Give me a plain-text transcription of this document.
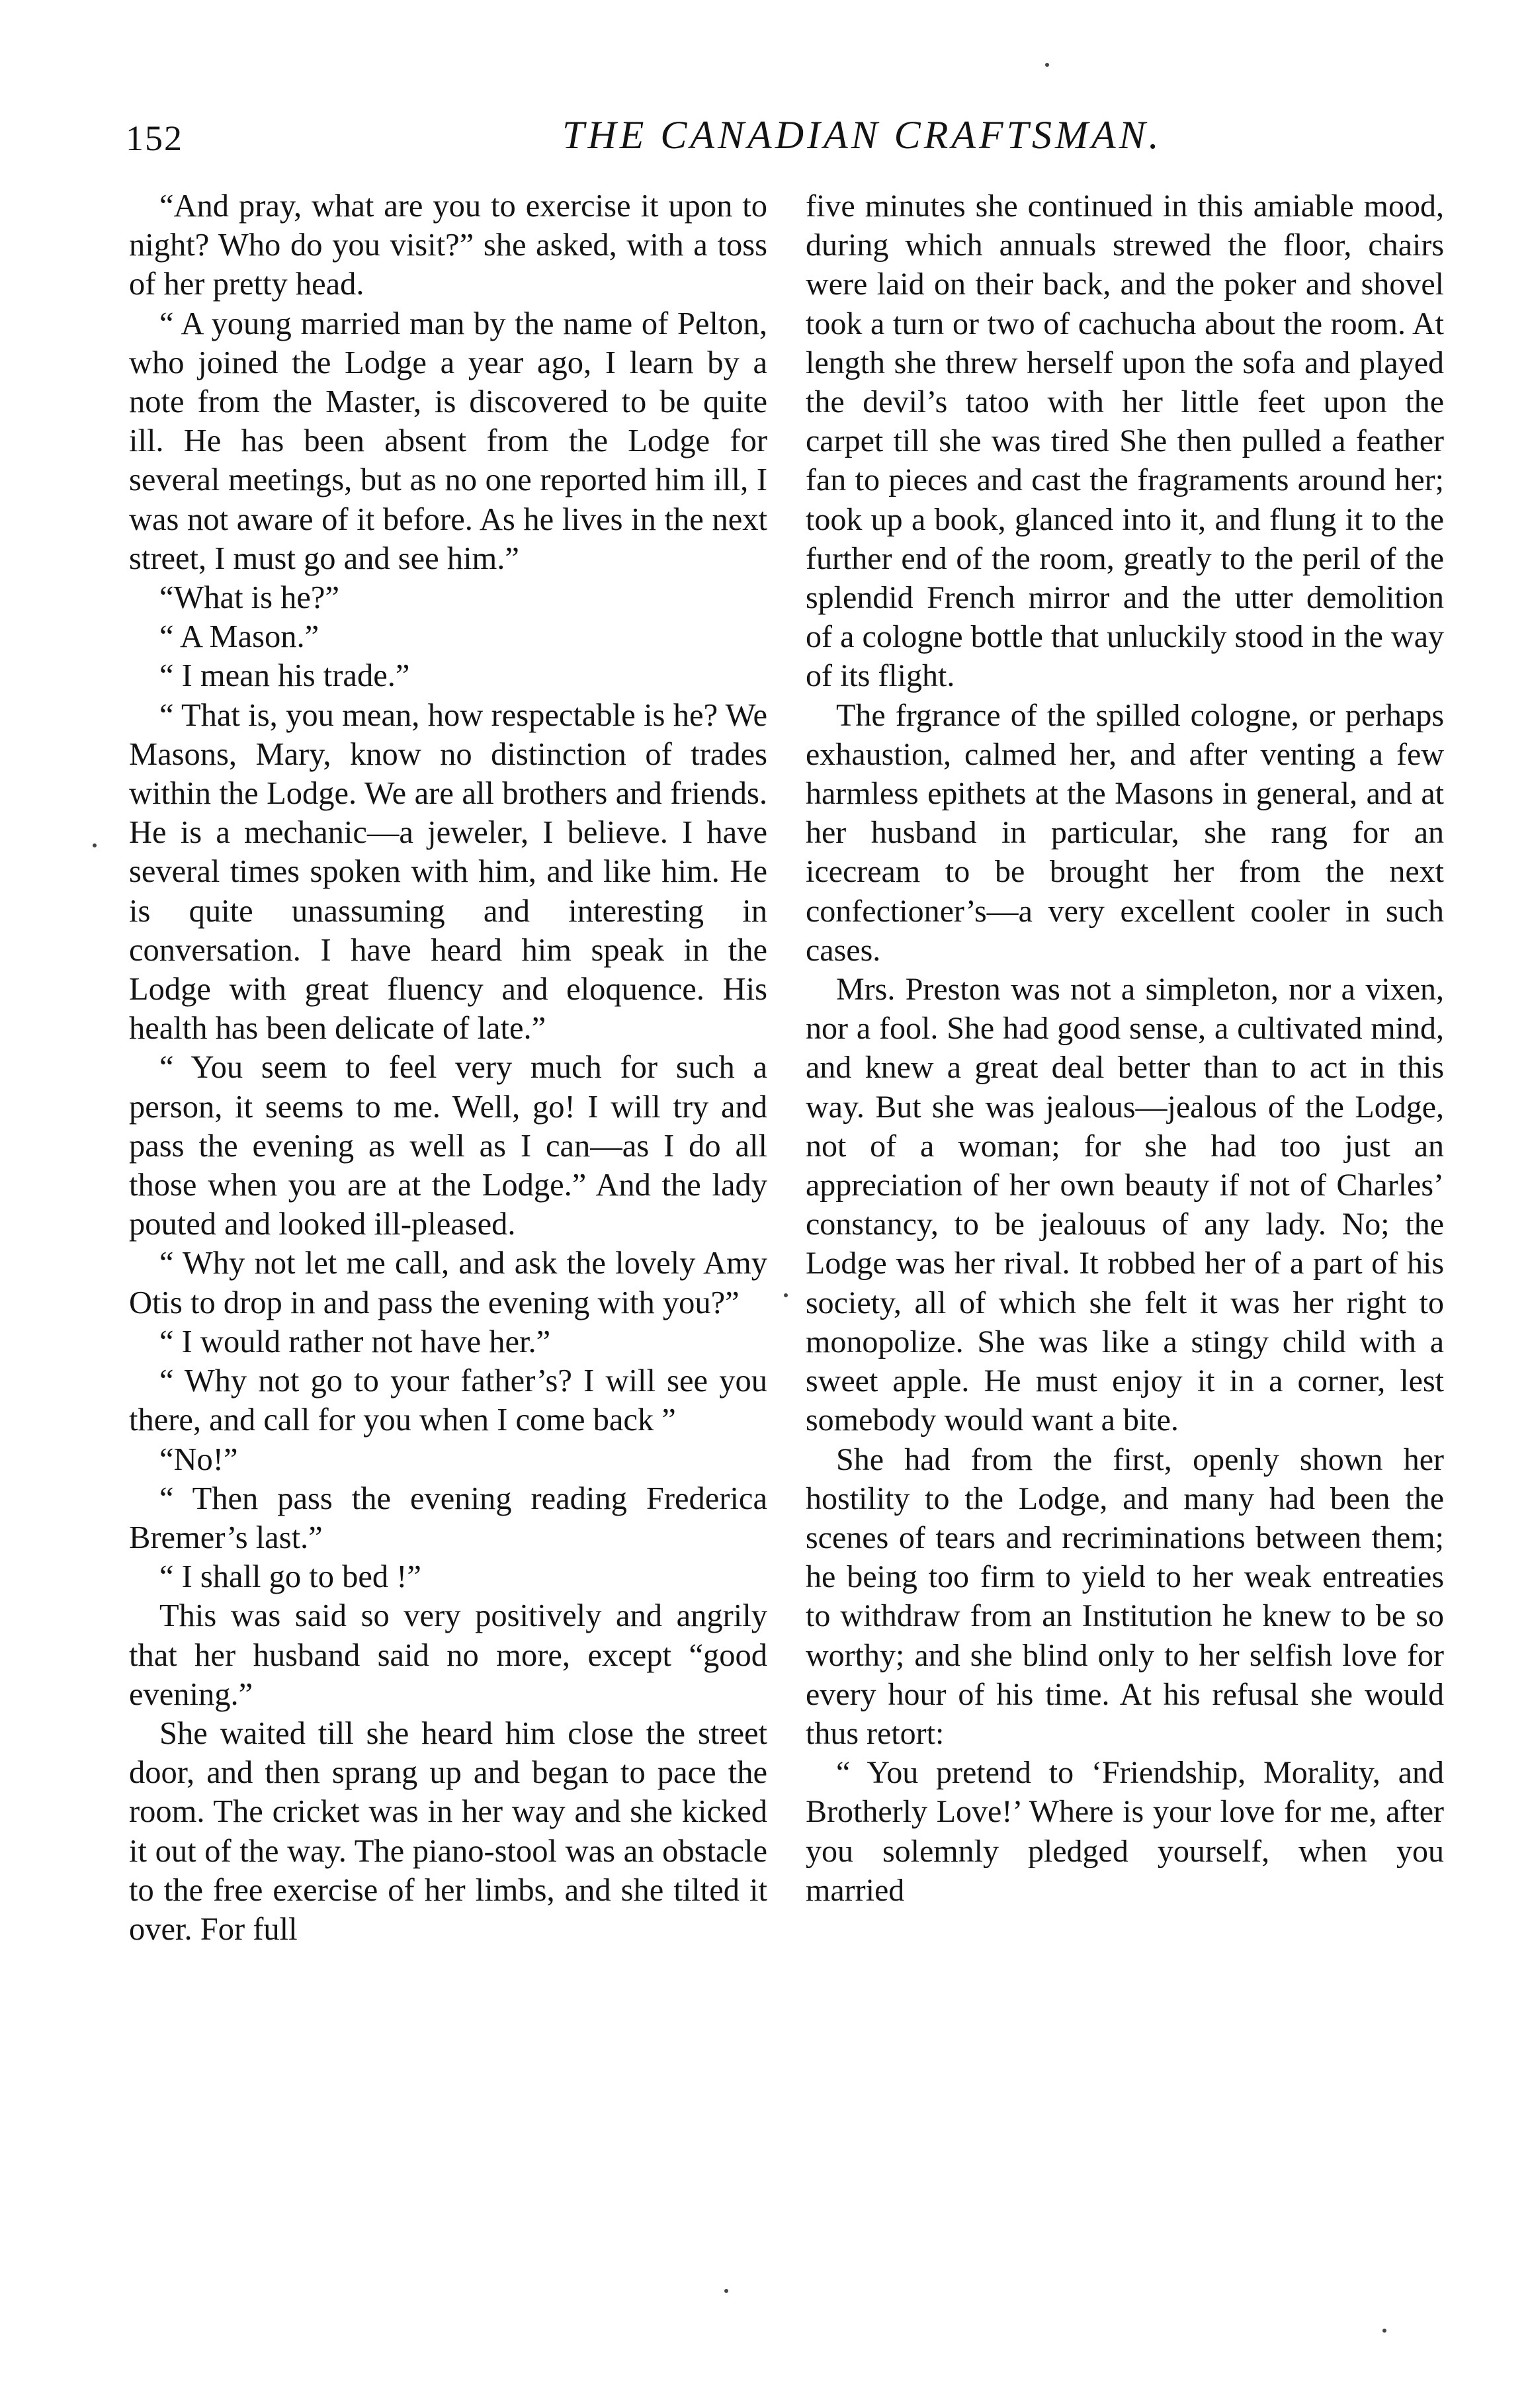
152	THE CANADIAN CRAFTSMAN.

“And pray, what are you to exercise it upon to night? Who do you visit?” she asked, with a toss of her pretty head.

“ A young married man by the name of Pelton, who joined the Lodge a year ago, I learn by a note from the Master, is discovered to be quite ill. He has been absent from the Lodge for several meetings, but as no one reported him ill, I was not aware of it before. As he lives in the next street, I must go and see him.”

“What is he?”

“ A Mason.”

“ I mean his trade.”

“ That is, you mean, how respectable is he? We Masons, Mary, know no distinction of trades within the Lodge. We are all brothers and friends. He is a mechanic—a jeweler, I believe. I have several times spoken with him, and like him. He is quite unassuming and interesting in conversation. I have heard him speak in the Lodge with great fluency and eloquence. His health has been delicate of late.”

“ You seem to feel very much for such a person, it seems to me. Well, go! I will try and pass the evening as well as I can—as I do all those when you are at the Lodge.” And the lady pouted and looked ill-pleased.

“ Why not let me call, and ask the lovely Amy Otis to drop in and pass the evening with you?”

“ I would rather not have her.”

“ Why not go to your father’s? I will see you there, and call for you when I come back ”

“No!”

“ Then pass the evening reading Frederica Bremer’s last.”

“ I shall go to bed !”

This was said so very positively and angrily that her husband said no more, except “good evening.”

She waited till she heard him close the street door, and then sprang up and began to pace the room. The cricket was in her way and she kicked it out of the way. The piano-stool was an obstacle to the free exercise of her limbs, and she tilted it over. For full

five minutes she continued in this amiable mood, during which annuals strewed the floor, chairs were laid on their back, and the poker and shovel took a turn or two of cachucha about the room. At length she threw herself upon the sofa and played the devil’s tatoo with her little feet upon the carpet till she was tired She then pulled a feather fan to pieces and cast the fragraments around her; took up a book, glanced into it, and flung it to the further end of the room, greatly to the peril of the splendid French mirror and the utter demolition of a cologne bottle that unluckily stood in the way of its flight.

The frgrance of the spilled cologne, or perhaps exhaustion, calmed her, and after venting a few harmless epithets at the Masons in general, and at her husband in particular, she rang for an icecream to be brought her from the next confectioner’s—a very excellent cooler in such cases.

Mrs. Preston was not a simpleton, nor a vixen, nor a fool. She had good sense, a cultivated mind, and knew a great deal better than to act in this way. But she was jealous—jealous of the Lodge, not of a woman; for she had too just an appreciation of her own beauty if not of Charles’ constancy, to be jealouus of any lady. No; the Lodge was her rival. It robbed her of a part of his society, all of which she felt it was her right to monopolize. She was like a stingy child with a sweet apple. He must enjoy it in a corner, lest somebody would want a bite.

She had from the first, openly shown her hostility to the Lodge, and many had been the scenes of tears and recriminations between them; he being too firm to yield to her weak entreaties to withdraw from an Institution he knew to be so worthy; and she blind only to her selfish love for every hour of his time. At his refusal she would thus retort:

“ You pretend to ‘Friendship, Morality, and Brotherly Love!’ Where is your love for me, after you solemnly pledged yourself, when you married
